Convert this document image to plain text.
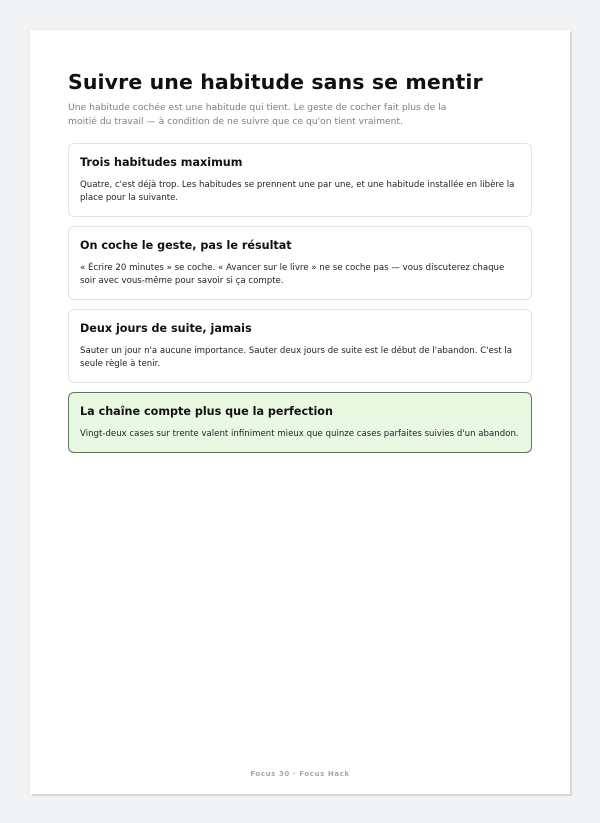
Suivre une habitude sans se mentir

Une habitude cochée est une habitude qui tient. Le geste de cocher fait plus de la moitié du travail — à condition de ne suivre que ce qu'on tient vraiment.

Trois habitudes maximum

Quatre, c'est déjà trop. Les habitudes se prennent une par une, et une habitude installée en libère la place pour la suivante.

On coche le geste, pas le résultat

« Écrire 20 minutes » se coche. « Avancer sur le livre » ne se coche pas — vous discuterez chaque soir avec vous-même pour savoir si ça compte.

Deux jours de suite, jamais

Sauter un jour n'a aucune importance. Sauter deux jours de suite est le début de l'abandon. C'est la seule règle à tenir.

La chaîne compte plus que la perfection

Vingt-deux cases sur trente valent infiniment mieux que quinze cases parfaites suivies d'un abandon.

Focus 30 · Focus Hack
